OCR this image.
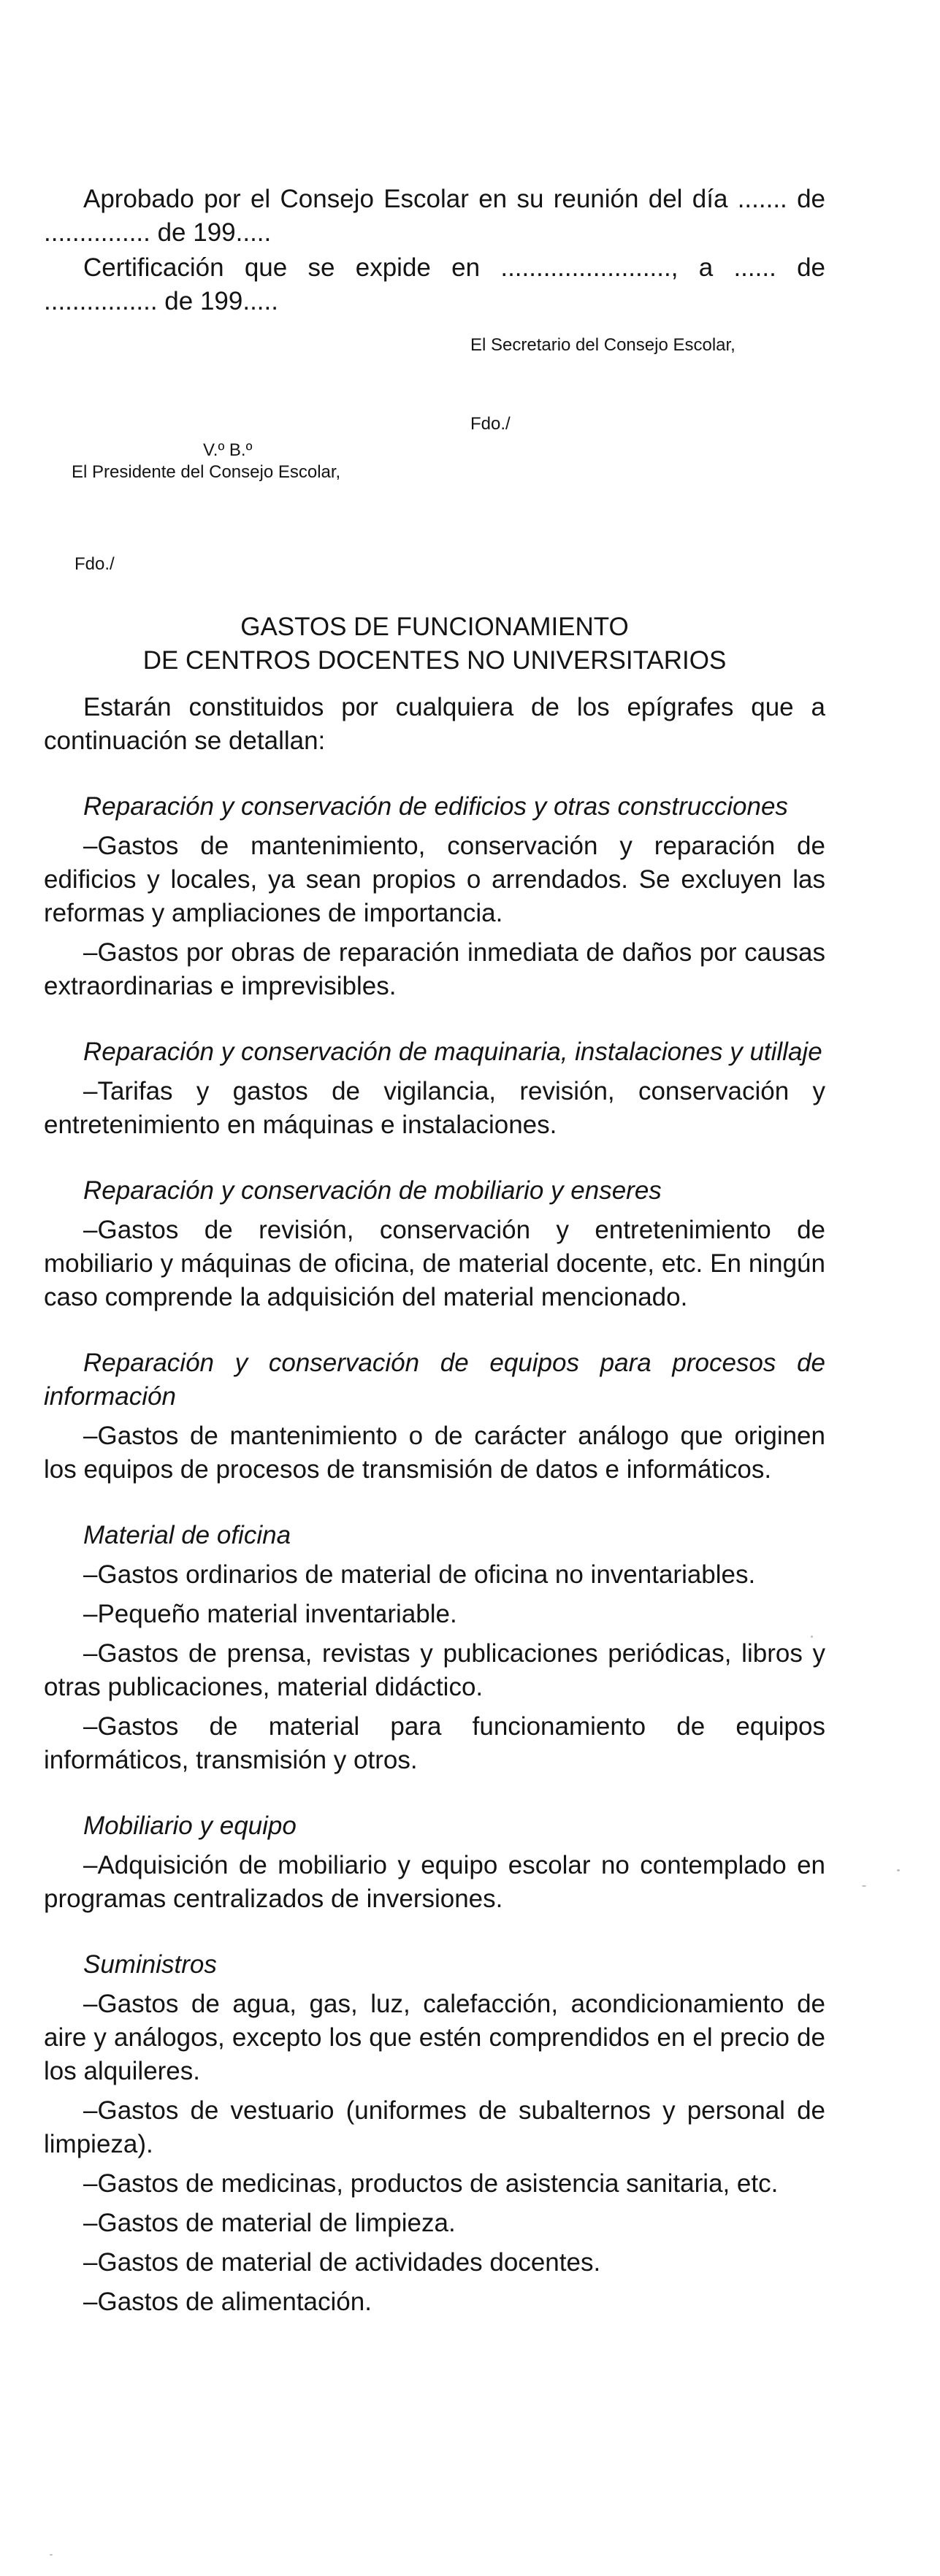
Aprobado por el Consejo Escolar en su reunión del día ....... de ............... de 199.....

Certificación que se expide en ........................, a ...... de ................ de 199.....

El Secretario del Consejo Escolar,
Fdo./
V.º B.º
El Presidente del Consejo Escolar,
Fdo./

GASTOS DE FUNCIONAMIENTO

DE CENTROS DOCENTES NO UNIVERSITARIOS

Estarán constituidos por cualquiera de los epígrafes que a continuación se detallan:

Reparación y conservación de edificios y otras construcciones

–Gastos de mantenimiento, conservación y reparación de edificios y locales, ya sean propios o arrendados. Se excluyen las reformas y ampliaciones de importancia.

–Gastos por obras de reparación inmediata de daños por causas extraordinarias e imprevisibles.

Reparación y conservación de maquinaria, instalaciones y utillaje

–Tarifas y gastos de vigilancia, revisión, conservación y entretenimiento en máquinas e instalaciones.

Reparación y conservación de mobiliario y enseres

–Gastos de revisión, conservación y entretenimiento de mobiliario y máquinas de oficina, de material docente, etc. En ningún caso comprende la adquisición del material mencionado.

Reparación y conservación de equipos para procesos de información

–Gastos de mantenimiento o de carácter análogo que originen los equipos de procesos de transmisión de datos e informáticos.

Material de oficina

–Gastos ordinarios de material de oficina no inventariables.

–Pequeño material inventariable.

–Gastos de prensa, revistas y publicaciones periódicas, libros y otras publicaciones, material didáctico.

–Gastos de material para funcionamiento de equipos informáticos, transmisión y otros.

Mobiliario y equipo

–Adquisición de mobiliario y equipo escolar no contemplado en programas centralizados de inversiones.

Suministros

–Gastos de agua, gas, luz, calefacción, acondicionamiento de aire y análogos, excepto los que estén comprendidos en el precio de los alquileres.

–Gastos de vestuario (uniformes de subalternos y personal de limpieza).

–Gastos de medicinas, productos de asistencia sanitaria, etc.

–Gastos de material de limpieza.

–Gastos de material de actividades docentes.

–Gastos de alimentación.
